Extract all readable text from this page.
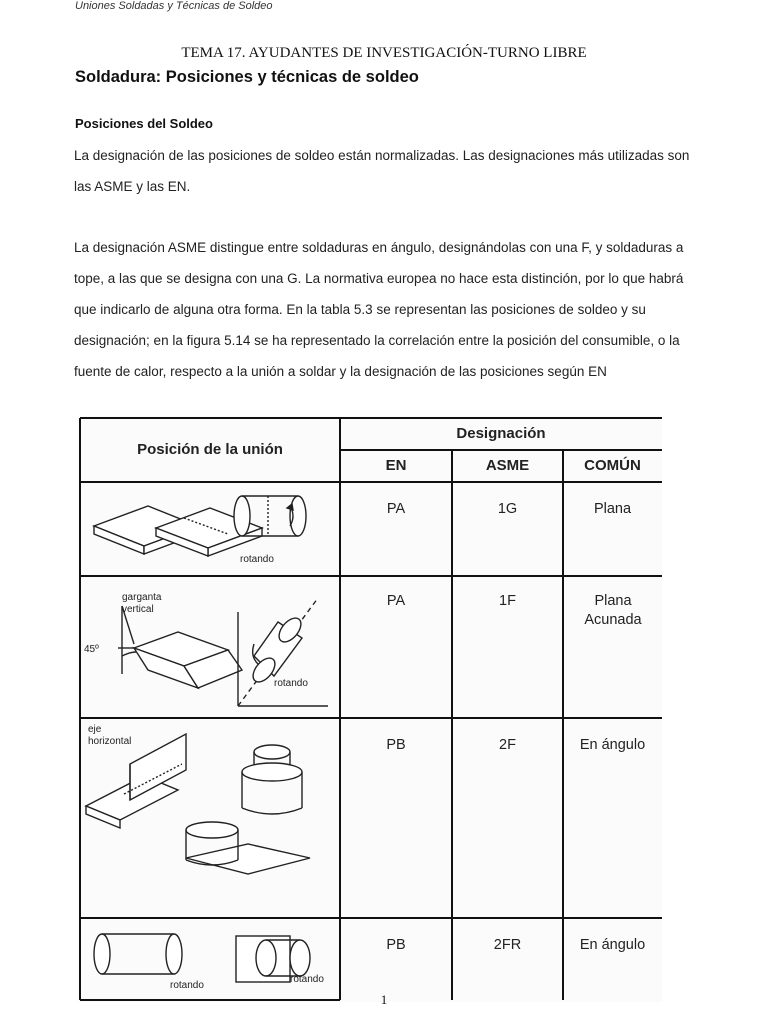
Uniones Soldadas y Técnicas de Soldeo
TEMA 17. AYUDANTES DE INVESTIGACIÓN-TURNO LIBRE
Soldadura: Posiciones y técnicas de soldeo
Posiciones del Soldeo
La designación de las posiciones de soldeo están normalizadas. Las designaciones más utilizadas son las ASME y las EN.
La designación ASME distingue entre soldaduras en ángulo, designándolas con una F, y soldaduras a tope, a las que se designa con una G. La normativa europea no hace esta distinción, por lo que habrá que indicarlo de alguna otra forma. En la tabla 5.3 se representan las posiciones de soldeo y su designación; en la figura 5.14 se ha representado la correlación entre la posición del consumible, o la fuente de calor, respecto a la unión a soldar y la designación de las posiciones según EN
Posición de la unión
Designación
EN	ASME	COMÚN
PA	1G	Plana
PA	1F	Plana Acunada
PB	2F	En ángulo
PB	2FR	En ángulo
rotando
garganta
vertical
45º
rotando
eje
horizontal
rotando
rotando
1
